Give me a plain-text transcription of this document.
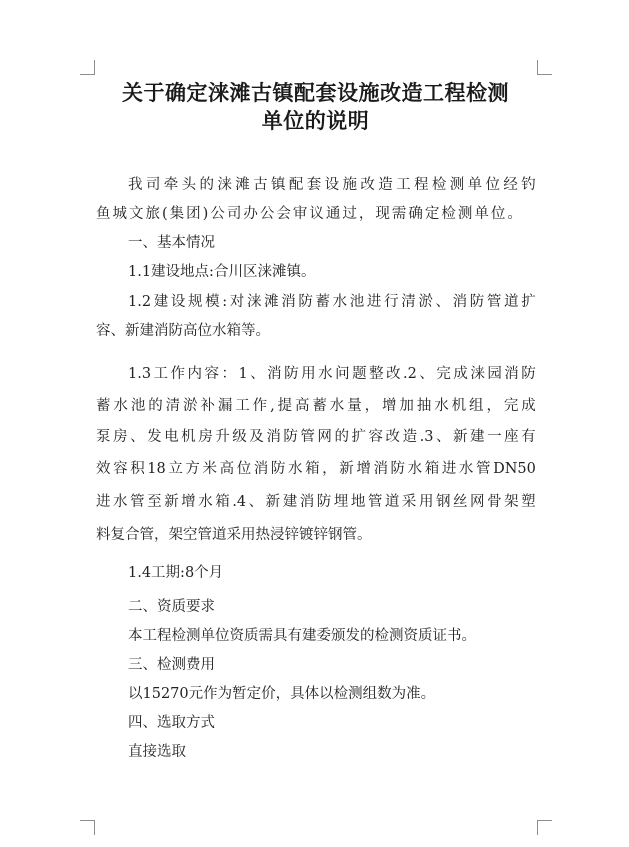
关于确定涞滩古镇配套设施改造工程检测
单位的说明
我 司 牵 头 的 涞 滩 古 镇 配 套 设 施 改 造 工 程 检 测 单 位 经 钓
鱼 城 文 旅 ( 集 团 ) 公 司 办 公 会 审 议 通 过 ， 现 需 确 定 检 测 单 位 。
一、基本情况
1.1建设地点:合川区涞滩镇。
1.2 建 设 规 模 : 对 涞 滩 消 防 蓄 水 池 进 行 清 淤 、 消 防 管 道 扩
容、新建消防高位水箱等。
1.3 工 作 内 容 ： 1 、 消 防 用 水 问 题 整 改 .2 、 完 成 涞 园 消 防
蓄 水 池 的 清 淤 补 漏 工 作 , 提 高 蓄 水 量 ， 增 加 抽 水 机 组 ， 完 成
泵 房 、 发 电 机 房 升 级 及 消 防 管 网 的 扩 容 改 造 .3 、 新 建 一 座 有
效 容 积 18 立 方 米 高 位 消 防 水 箱 ， 新 增 消 防 水 箱 进 水 管 DN50
进 水 管 至 新 增 水 箱 .4 、 新 建 消 防 埋 地 管 道 采 用 钢 丝 网 骨 架 塑
料复合管，架空管道采用热浸锌镀锌钢管。
1.4工期:8个月
二、资质要求
本工程检测单位资质需具有建委颁发的检测资质证书。
三、检测费用
以15270元作为暂定价，具体以检测组数为准。
四、选取方式
直接选取
